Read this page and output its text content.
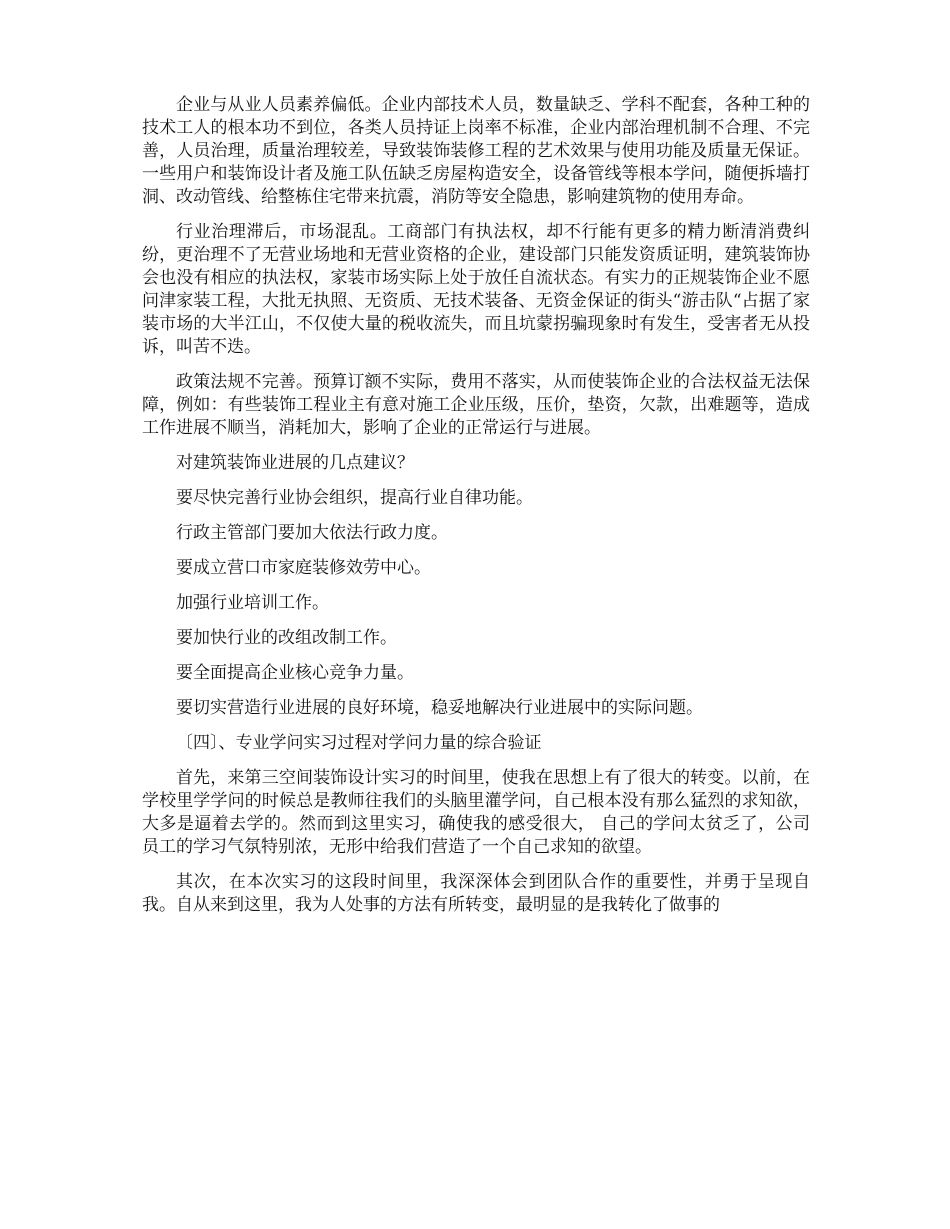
企业与从业人员素养偏低。企业内部技术人员，数量缺乏、学科不配套，各种工种的技术工人的根本功不到位，各类人员持证上岗率不标准，企业内部治理机制不合理、不完善，人员治理，质量治理较差，导致装饰装修工程的艺术效果与使用功能及质量无保证。一些用户和装饰设计者及施工队伍缺乏房屋构造安全，设备管线等根本学问，随便拆墙打洞、改动管线、给整栋住宅带来抗震，消防等安全隐患，影响建筑物的使用寿命。

行业治理滞后，市场混乱。工商部门有执法权，却不行能有更多的精力断清消费纠纷，更治理不了无营业场地和无营业资格的企业，建设部门只能发资质证明，建筑装饰协会也没有相应的执法权，家装市场实际上处于放任自流状态。有实力的正规装饰企业不愿问津家装工程，大批无执照、无资质、无技术装备、无资金保证的街头“游击队“占据了家装市场的大半江山，不仅使大量的税收流失，而且坑蒙拐骗现象时有发生，受害者无从投诉，叫苦不迭。

政策法规不完善。预算订额不实际，费用不落实，从而使装饰企业的合法权益无法保障，例如：有些装饰工程业主有意对施工企业压级，压价，垫资，欠款，出难题等，造成工作进展不顺当，消耗加大，影响了企业的正常运行与进展。

对建筑装饰业进展的几点建议？

要尽快完善行业协会组织，提高行业自律功能。

行政主管部门要加大依法行政力度。

要成立营口市家庭装修效劳中心。

加强行业培训工作。

要加快行业的改组改制工作。

要全面提高企业核心竞争力量。

要切实营造行业进展的良好环境，稳妥地解决行业进展中的实际问题。

〔四〕、专业学问实习过程对学问力量的综合验证

首先，来第三空间装饰设计实习的时间里，使我在思想上有了很大的转变。以前，在学校里学学问的时候总是教师往我们的头脑里灌学问，自己根本没有那么猛烈的求知欲，大多是逼着去学的。然而到这里实习，确使我的感受很大， 自己的学问太贫乏了，公司员工的学习气氛特别浓，无形中给我们营造了一个自己求知的欲望。

其次，在本次实习的这段时间里，我深深体会到团队合作的重要性，并勇于呈现自我。自从来到这里，我为人处事的方法有所转变，最明显的是我转化了做事的
